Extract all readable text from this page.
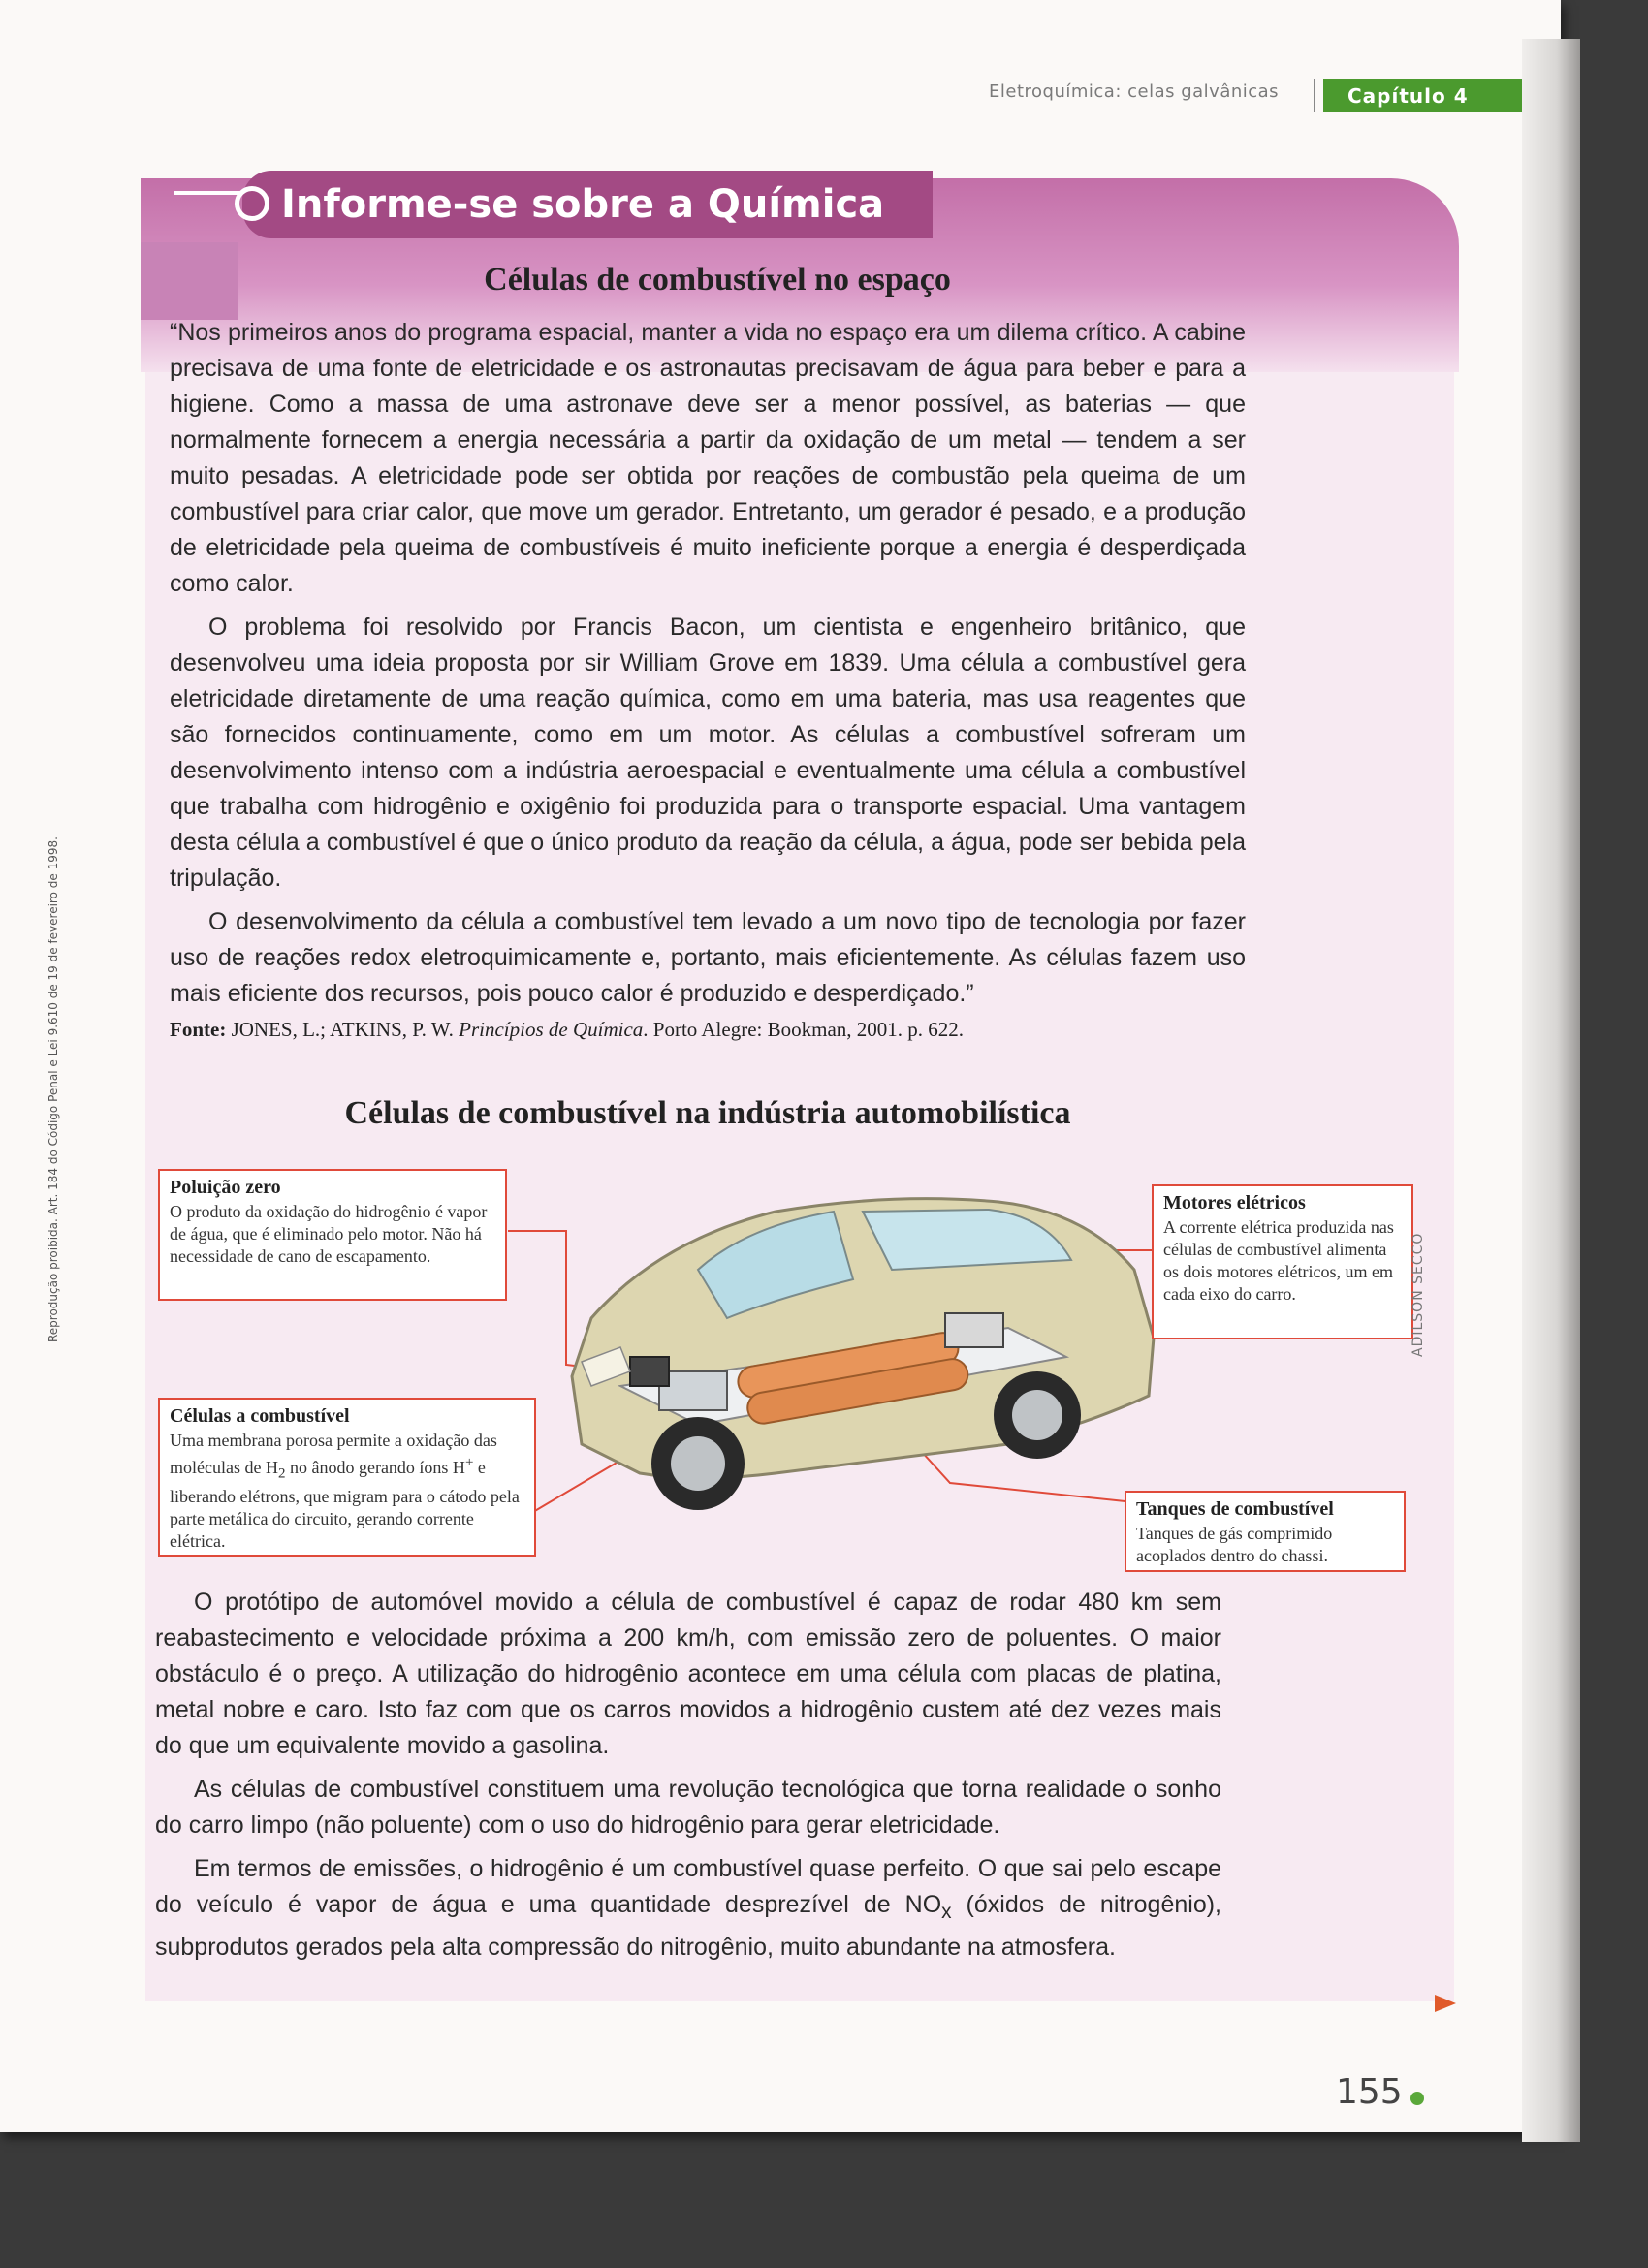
Eletroquímica: celas galvânicas	Capítulo 4
Informe-se sobre a Química
Células de combustível no espaço

“Nos primeiros anos do programa espacial, manter a vida no espaço era um dilema crítico. A cabine precisava de uma fonte de eletricidade e os astronautas precisavam de água para beber e para a higiene. Como a massa de uma astronave deve ser a menor possível, as baterias — que normalmente fornecem a energia necessária a partir da oxidação de um metal — tendem a ser muito pesadas. A eletricidade pode ser obtida por reações de combustão pela queima de um combustível para criar calor, que move um gerador. Entretanto, um gerador é pesado, e a produção de eletricidade pela queima de combustíveis é muito ineficiente porque a energia é desperdiçada como calor.

O problema foi resolvido por Francis Bacon, um cientista e engenheiro britânico, que desenvolveu uma ideia proposta por sir William Grove em 1839. Uma célula a combustível gera eletricidade diretamente de uma reação química, como em uma bateria, mas usa reagentes que são fornecidos continuamente, como em um motor. As células a combustível sofreram um desenvolvimento intenso com a indústria aeroespacial e eventualmente uma célula a combustível que trabalha com hidrogênio e oxigênio foi produzida para o transporte espacial. Uma vantagem desta célula a combustível é que o único produto da reação da célula, a água, pode ser bebida pela tripulação.

O desenvolvimento da célula a combustível tem levado a um novo tipo de tecnologia por fazer uso de reações redox eletroquimicamente e, portanto, mais eficientemente. As células fazem uso mais eficiente dos recursos, pois pouco calor é produzido e desperdiçado.”

Fonte: JONES, L.; ATKINS, P. W. Princípios de Química. Porto Alegre: Bookman, 2001. p. 622.
Células de combustível na indústria automobilística
Poluição zero
O produto da oxidação do hidrogênio é vapor de água, que é eliminado pelo motor. Não há necessidade de cano de escapamento.
Motores elétricos
A corrente elétrica produzida nas células de combustível alimenta os dois motores elétricos, um em cada eixo do carro.
Células a combustível
Uma membrana porosa permite a oxidação das moléculas de $H_2$ no ânodo gerando íons H+ e liberando elétrons, que migram para o cátodo pela parte metálica do circuito, gerando corrente elétrica.
Tanques de combustível
Tanques de gás comprimido acoplados dentro do chassi.
ADILSON SECCO

O protótipo de automóvel movido a célula de combustível é capaz de rodar 480 km sem reabastecimento e velocidade próxima a 200 km/h, com emissão zero de poluentes. O maior obstáculo é o preço. A utilização do hidrogênio acontece em uma célula com placas de platina, metal nobre e caro. Isto faz com que os carros movidos a hidrogênio custem até dez vezes mais do que um equivalente movido a gasolina.

As células de combustível constituem uma revolução tecnológica que torna realidade o sonho do carro limpo (não poluente) com o uso do hidrogênio para gerar eletricidade.

Em termos de emissões, o hidrogênio é um combustível quase perfeito. O que sai pelo escape do veículo é vapor de água e uma quantidade desprezível de $NO_x$ (óxidos de nitrogênio), subprodutos gerados pela alta compressão do nitrogênio, muito abundante na atmosfera.

Reprodução proibida. Art. 184 do Código Penal e Lei 9.610 de 19 de fevereiro de 1998.
155
